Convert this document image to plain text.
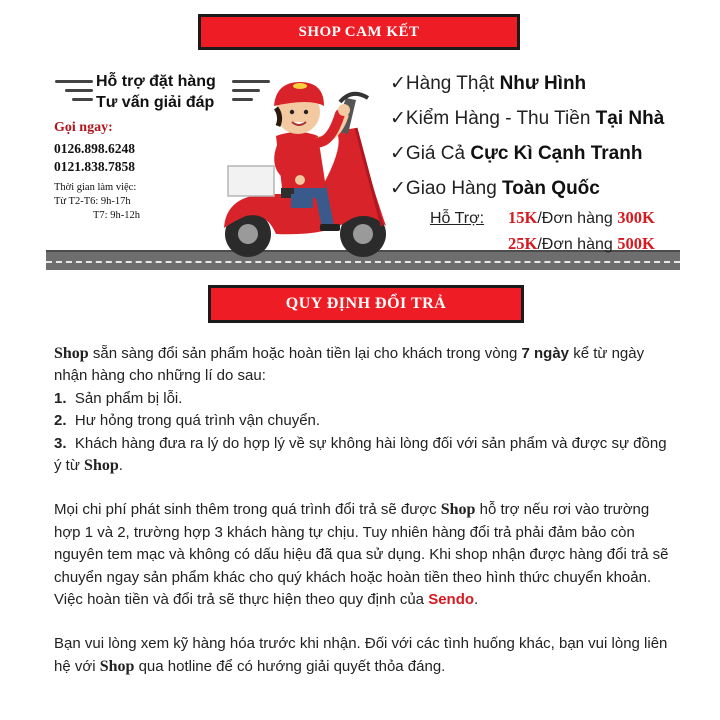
SHOP CAM KẾT
Hỗ trợ đặt hàng
Tư vấn giải đáp
Gọi ngay:
0126.898.6248
0121.838.7858
Thời gian làm việc:
Từ T2-T6: 9h-17h
T7: 9h-12h
✓Hàng Thật Như Hình
✓Kiểm Hàng - Thu Tiền Tại Nhà
✓Giá Cả Cực Kì Cạnh Tranh
✓Giao Hàng Toàn Quốc
Hỗ Trợ: 15K/Đơn hàng 300K
25K/Đơn hàng 500K
QUY ĐỊNH ĐỔI TRẢ

Shop sẵn sàng đổi sản phẩm hoặc hoàn tiền lại cho khách trong vòng 7 ngày kể từ ngày nhận hàng cho những lí do sau:

1. Sản phẩm bị lỗi.

2. Hư hỏng trong quá trình vận chuyển.

3. Khách hàng đưa ra lý do hợp lý về sự không hài lòng đối với sản phẩm và được sự đồng ý từ Shop.

Mọi chi phí phát sinh thêm trong quá trình đổi trả sẽ được Shop hỗ trợ nếu rơi vào trường hợp 1 và 2, trường hợp 3 khách hàng tự chịu. Tuy nhiên hàng đổi trả phải đảm bảo còn nguyên tem mạc và không có dấu hiệu đã qua sử dụng. Khi shop nhận được hàng đổi trả sẽ chuyển ngay sản phẩm khác cho quý khách hoặc hoàn tiền theo hình thức chuyển khoản. Việc hoàn tiền và đổi trả sẽ thực hiện theo quy định của Sendo.

Bạn vui lòng xem kỹ hàng hóa trước khi nhận. Đối với các tình huống khác, bạn vui lòng liên hệ với Shop qua hotline để có hướng giải quyết thỏa đáng.
